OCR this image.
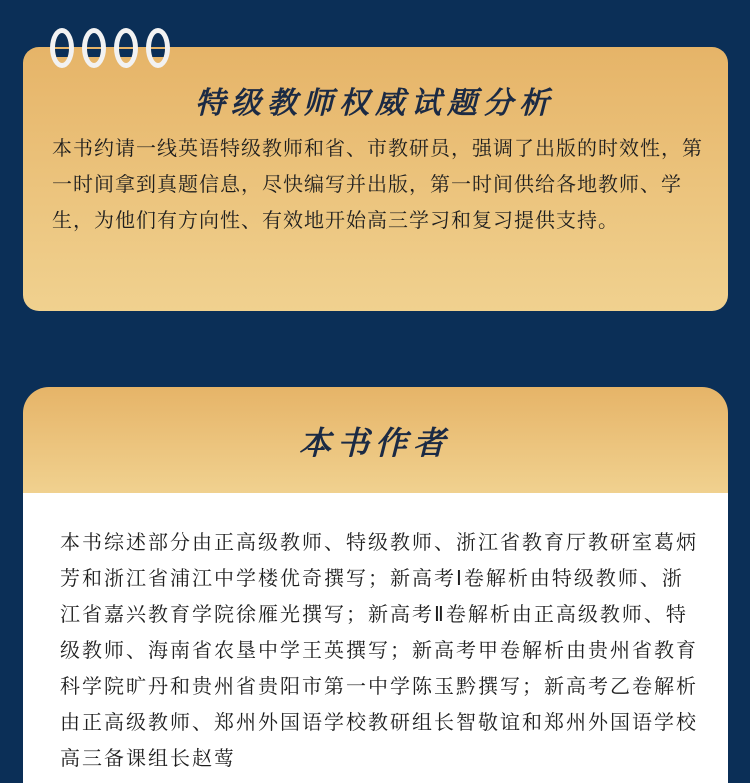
特级教师权威试题分析
本书约请一线英语特级教师和省、市教研员，强调了出版的时效性，第一时间拿到真题信息，尽快编写并出版，第一时间供给各地教师、学生，为他们有方向性、有效地开始高三学习和复习提供支持。
本书作者
本书综述部分由正高级教师、特级教师、浙江省教育厅教研室葛炳芳和浙江省浦江中学楼优奇撰写；新高考Ⅰ卷解析由特级教师、浙江省嘉兴教育学院徐雁光撰写；新高考Ⅱ卷解析由正高级教师、特级教师、海南省农垦中学王英撰写；新高考甲卷解析由贵州省教育科学院旷丹和贵州省贵阳市第一中学陈玉黔撰写；新高考乙卷解析由正高级教师、郑州外国语学校教研组长智敬谊和郑州外国语学校高三备课组长赵莺
